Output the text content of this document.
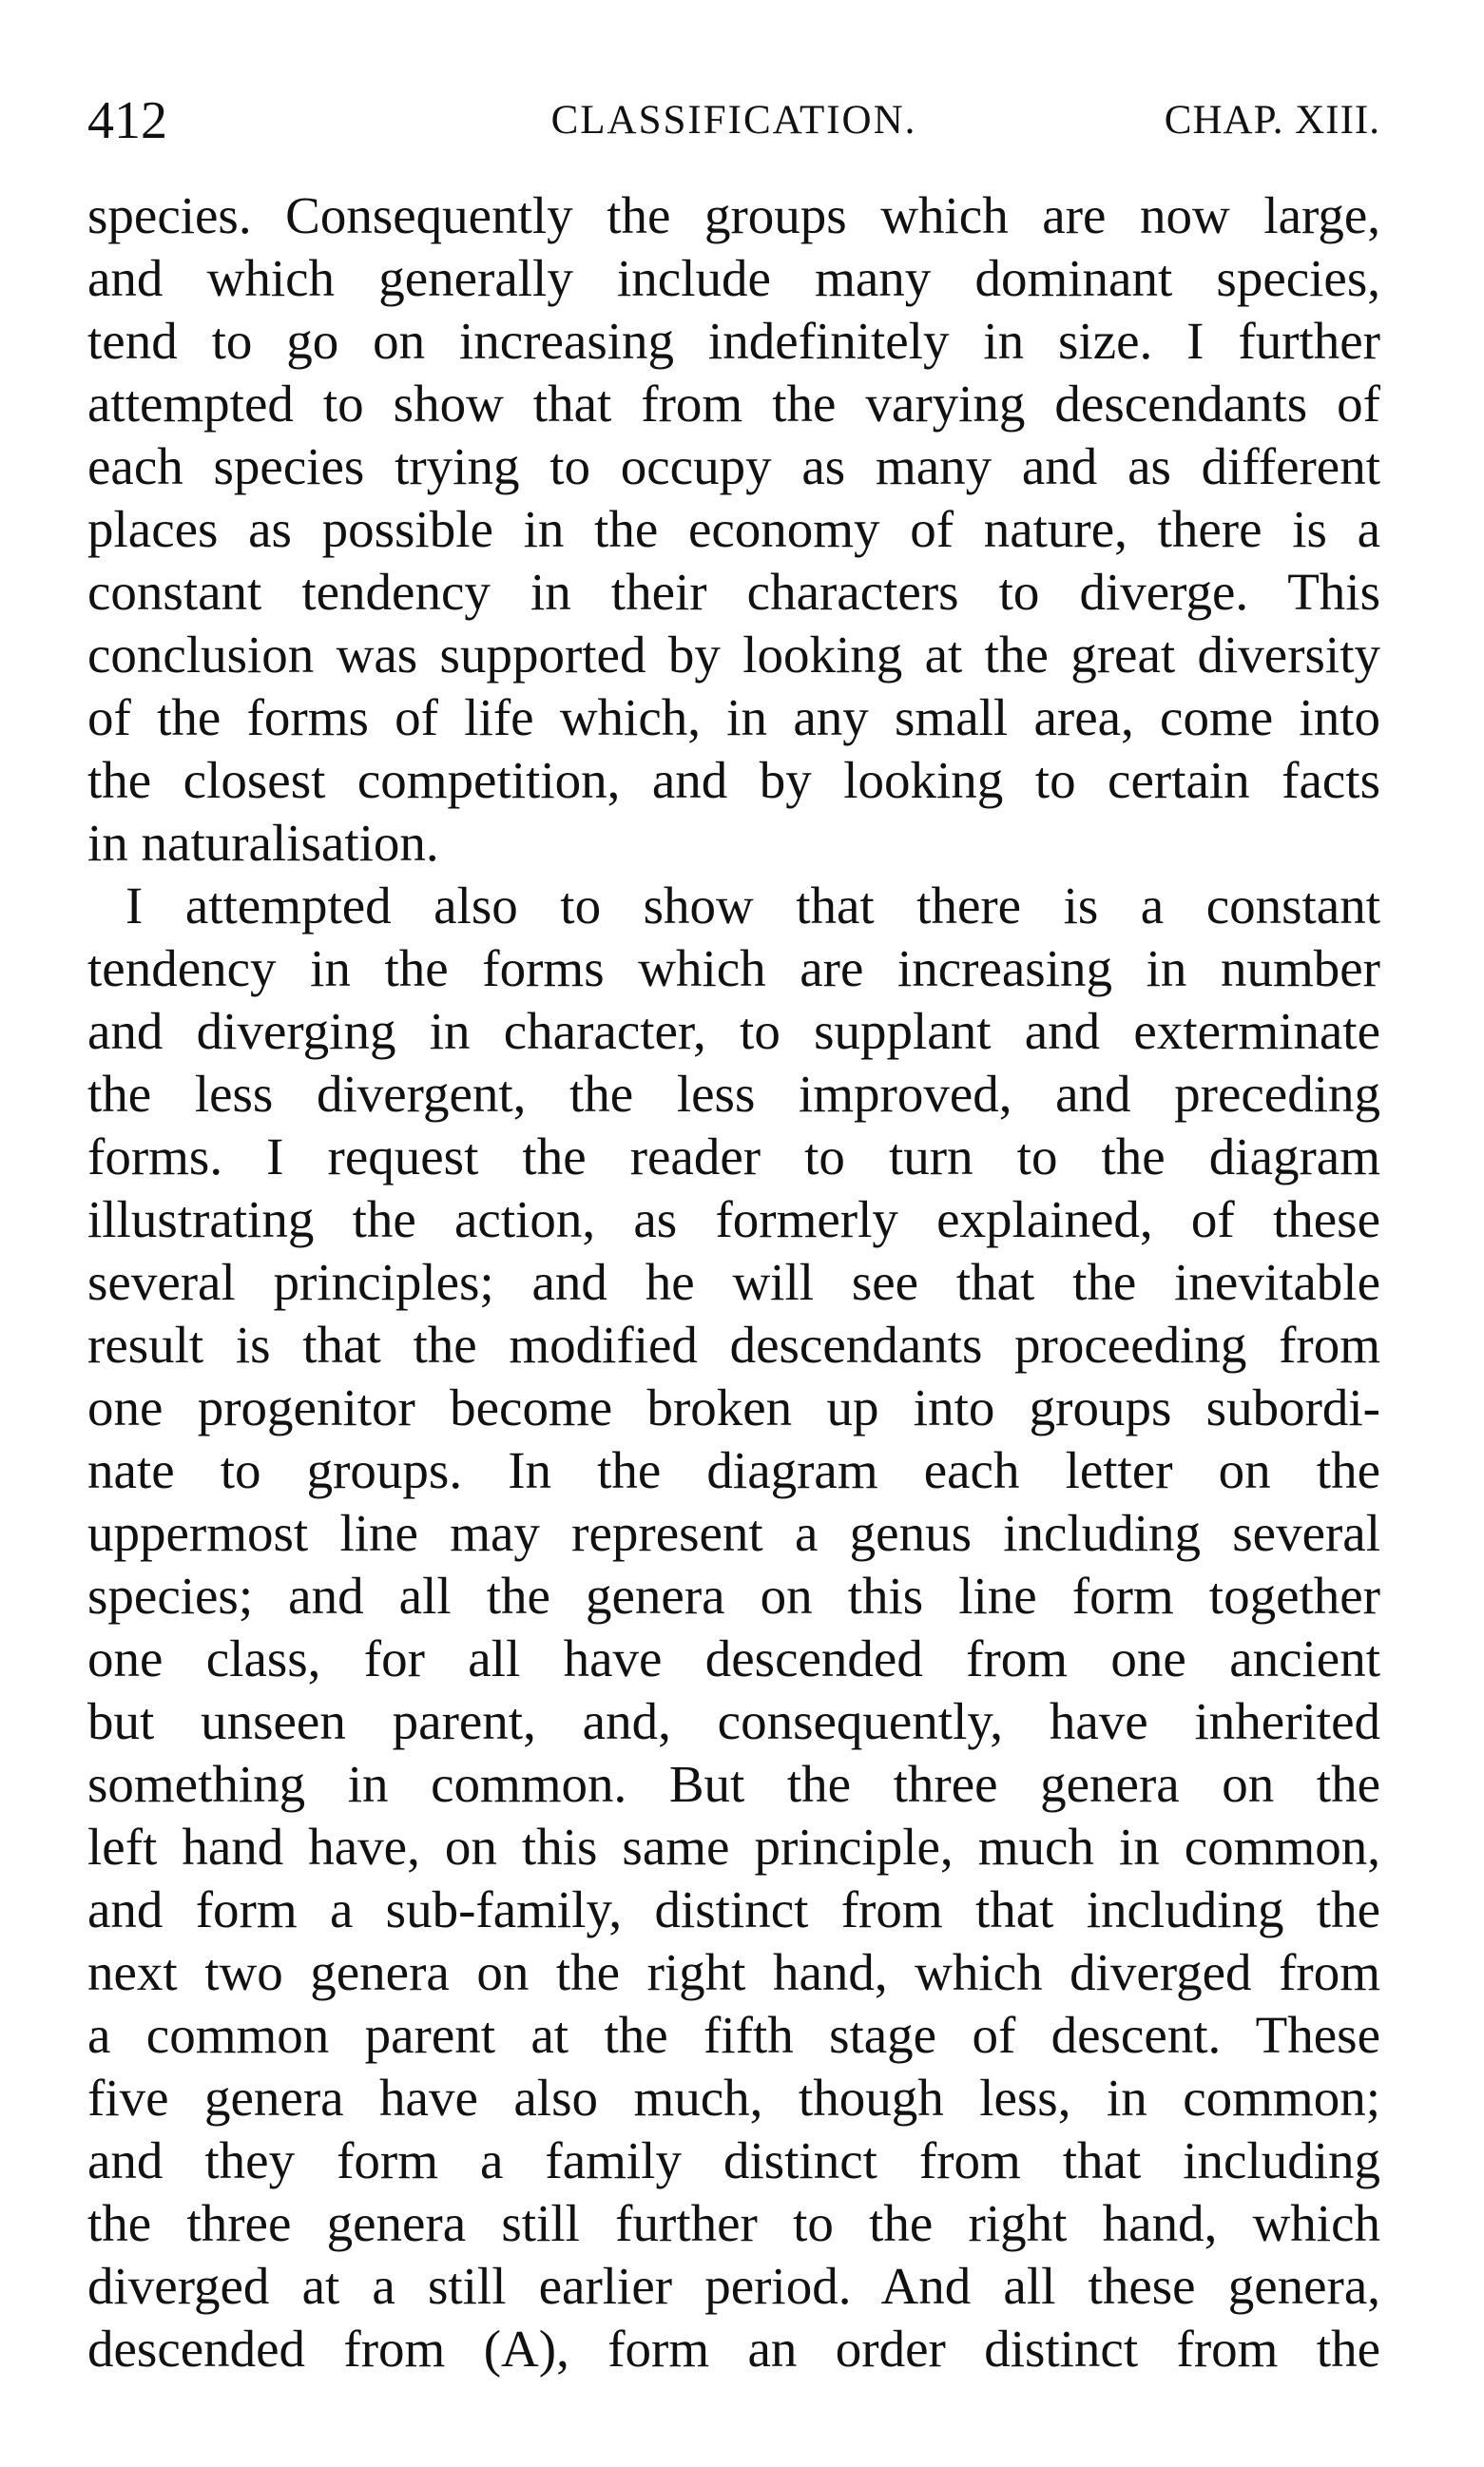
412	CLASSIFICATION.	CHAP. XIII.
species. Consequently the groups which are now large,
and which generally include many dominant species,
tend to go on increasing indefinitely in size. I further
attempted to show that from the varying descendants of
each species trying to occupy as many and as different
places as possible in the economy of nature, there is a
constant tendency in their characters to diverge. This
conclusion was supported by looking at the great diversity
of the forms of life which, in any small area, come into
the closest competition, and by looking to certain facts
in naturalisation.
I attempted also to show that there is a constant
tendency in the forms which are increasing in number
and diverging in character, to supplant and exterminate
the less divergent, the less improved, and preceding
forms. I request the reader to turn to the diagram
illustrating the action, as formerly explained, of these
several principles; and he will see that the inevitable
result is that the modified descendants proceeding from
one progenitor become broken up into groups subordi-
nate to groups. In the diagram each letter on the
uppermost line may represent a genus including several
species; and all the genera on this line form together
one class, for all have descended from one ancient
but unseen parent, and, consequently, have inherited
something in common. But the three genera on the
left hand have, on this same principle, much in common,
and form a sub-family, distinct from that including the
next two genera on the right hand, which diverged from
a common parent at the fifth stage of descent. These
five genera have also much, though less, in common;
and they form a family distinct from that including
the three genera still further to the right hand, which
diverged at a still earlier period. And all these genera,
descended from (A), form an order distinct from the
